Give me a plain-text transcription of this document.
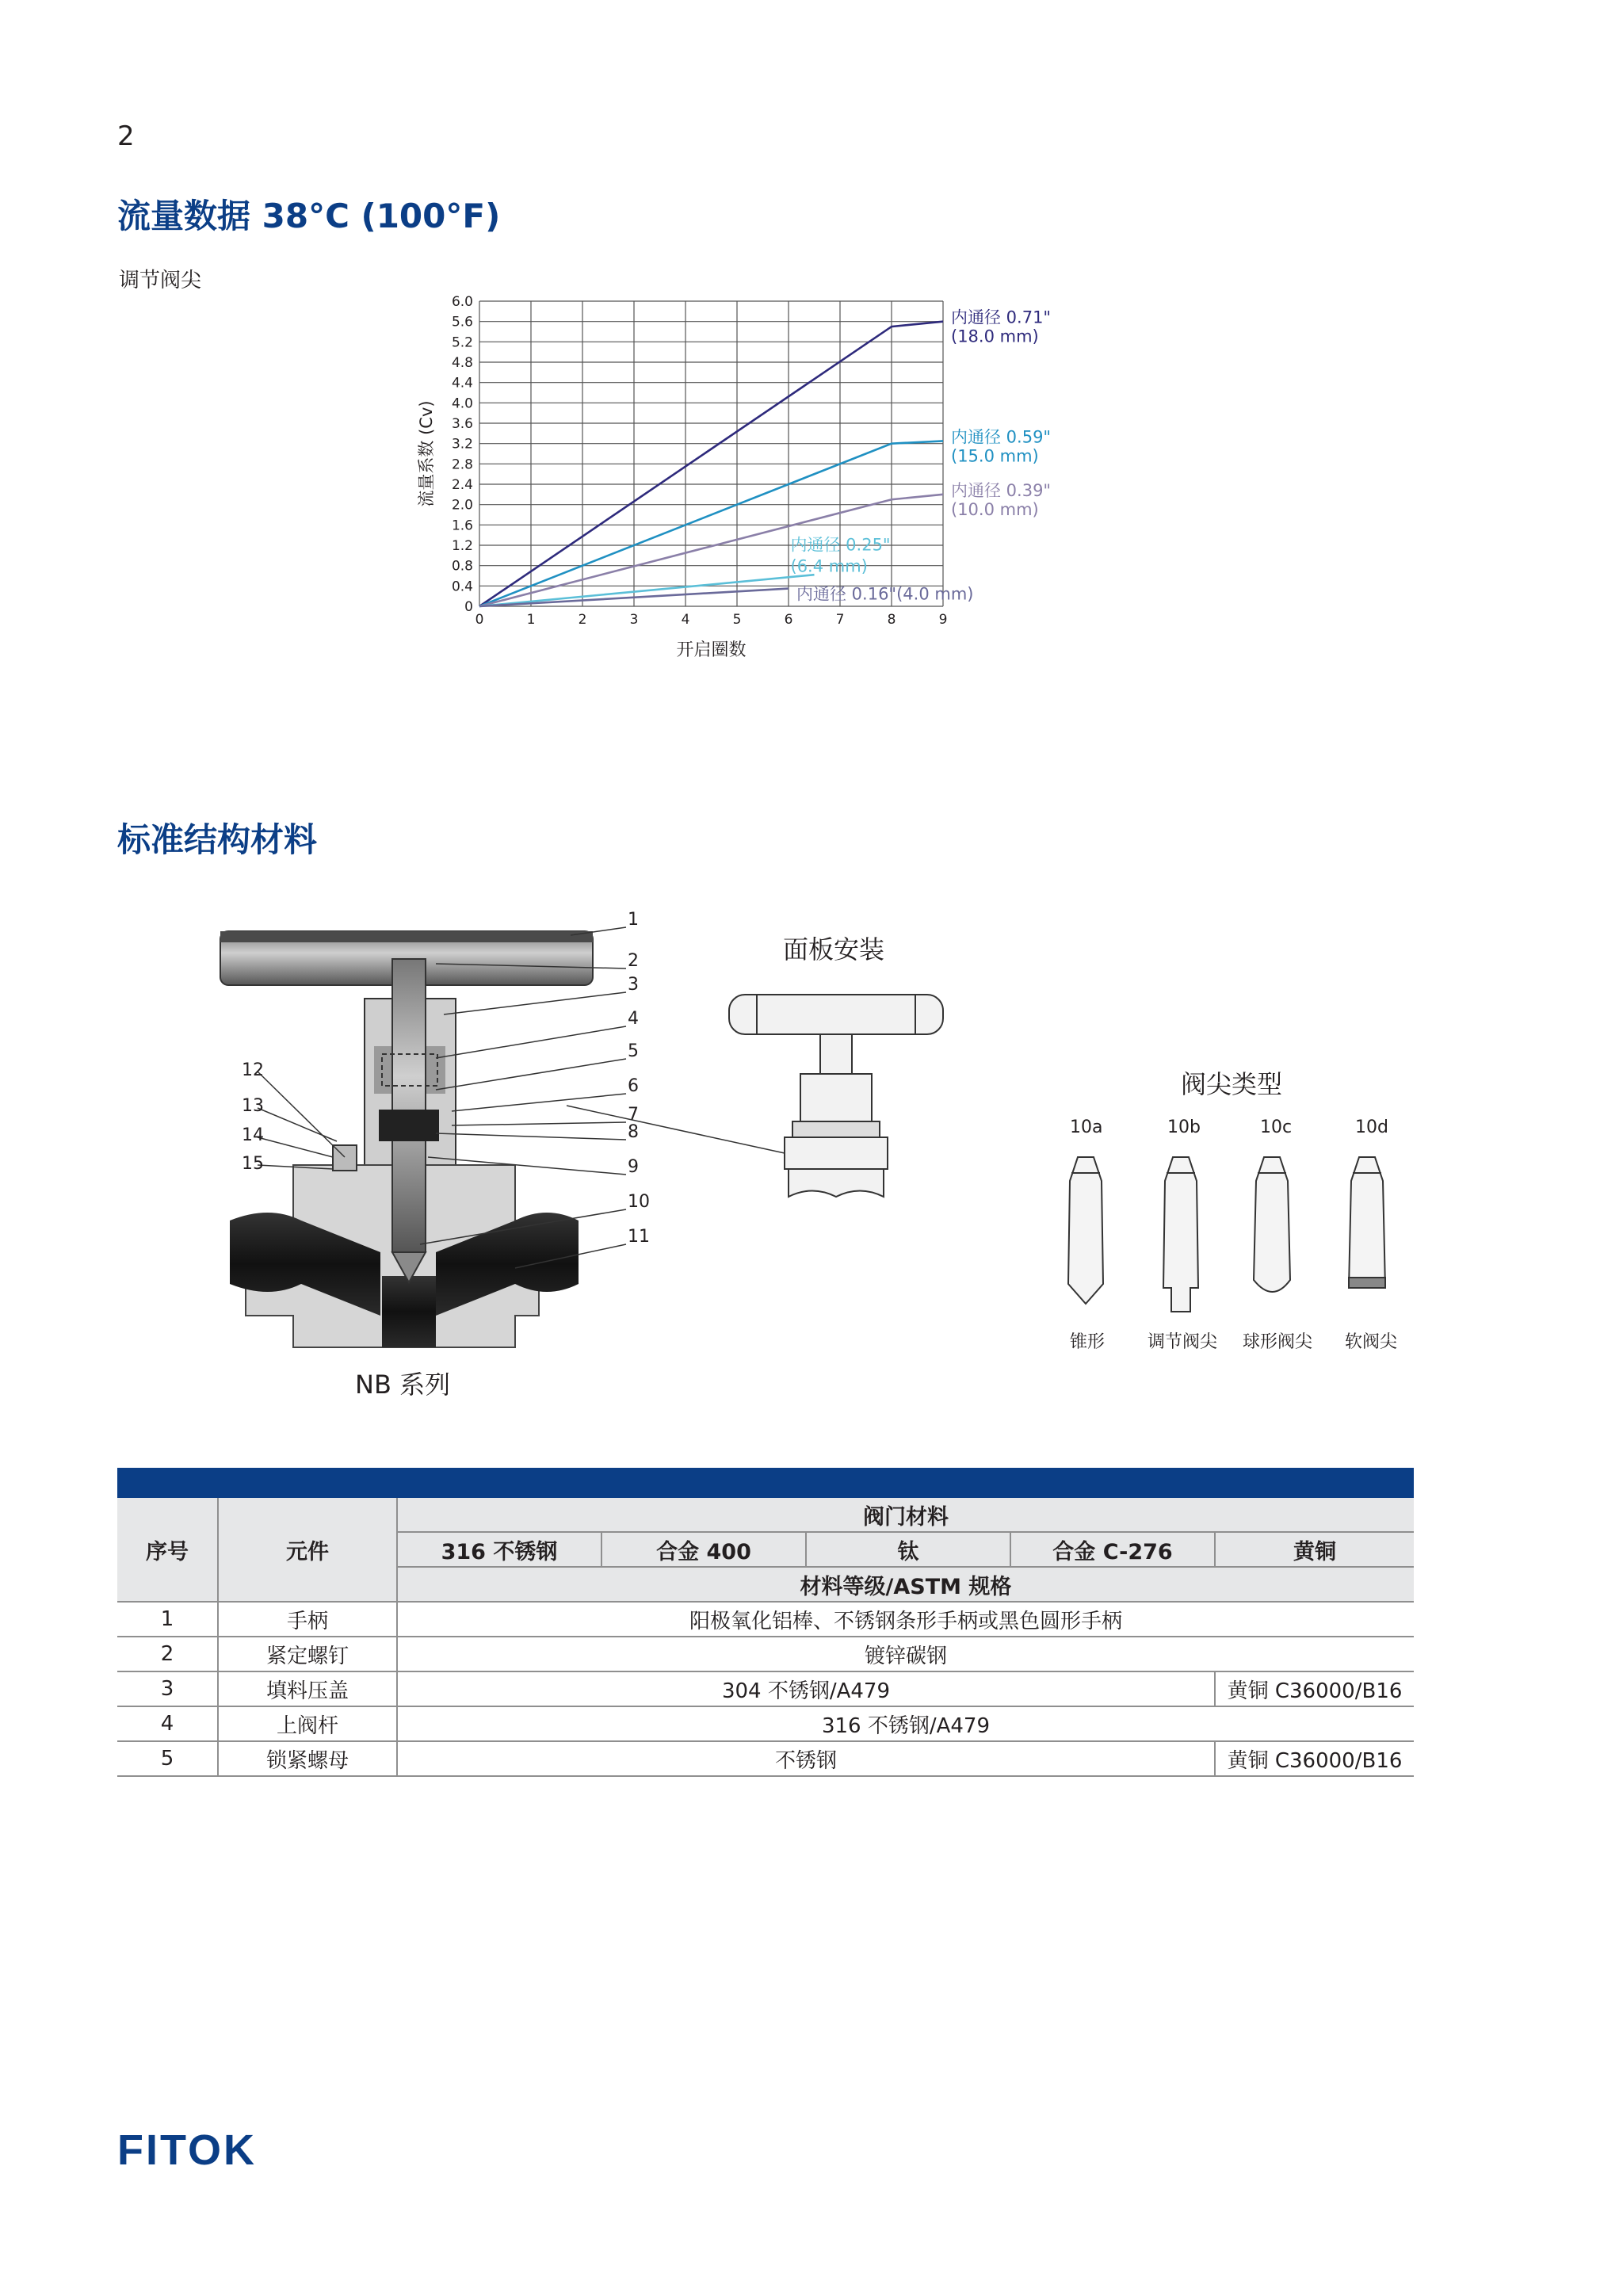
2
流量数据 38°C (100°F)
调节阀尖
0
0.4
0.8
1.2
1.6
2.0
2.4
2.8
3.2
3.6
4.0
4.4
4.8
5.2
5.6
6.0
0	1	2	3	4	5	6	7	8	9
开启圈数
流量系数 (Cv)
内通径 0.71"
(18.0 mm)
内通径 0.59"
(15.0 mm)
内通径 0.39"
(10.0 mm)
内通径 0.25"
(6.4 mm)
内通径 0.16"(4.0 mm)
标准结构材料
1
2
3
4
5
6
7
8
9
10
11
12
13
14
15
NB 系列
面板安装
阀尖类型
10a	10b	10c	10d
锥形 调节阀尖 球形阀尖 软阀尖

序号	元件	阀门材料				
		316 不锈钢	合金 400	钛	合金 C-276	黄铜
		材料等级/ASTM 规格				
1	手柄	阳极氧化铝棒、不锈钢条形手柄或黑色圆形手柄				
2	紧定螺钉	镀锌碳钢				
3	填料压盖	304 不锈钢/A479				黄铜 C36000/B16
4	上阀杆	316 不锈钢/A479				
5	锁紧螺母	不锈钢				黄铜 C36000/B16
FITOK
